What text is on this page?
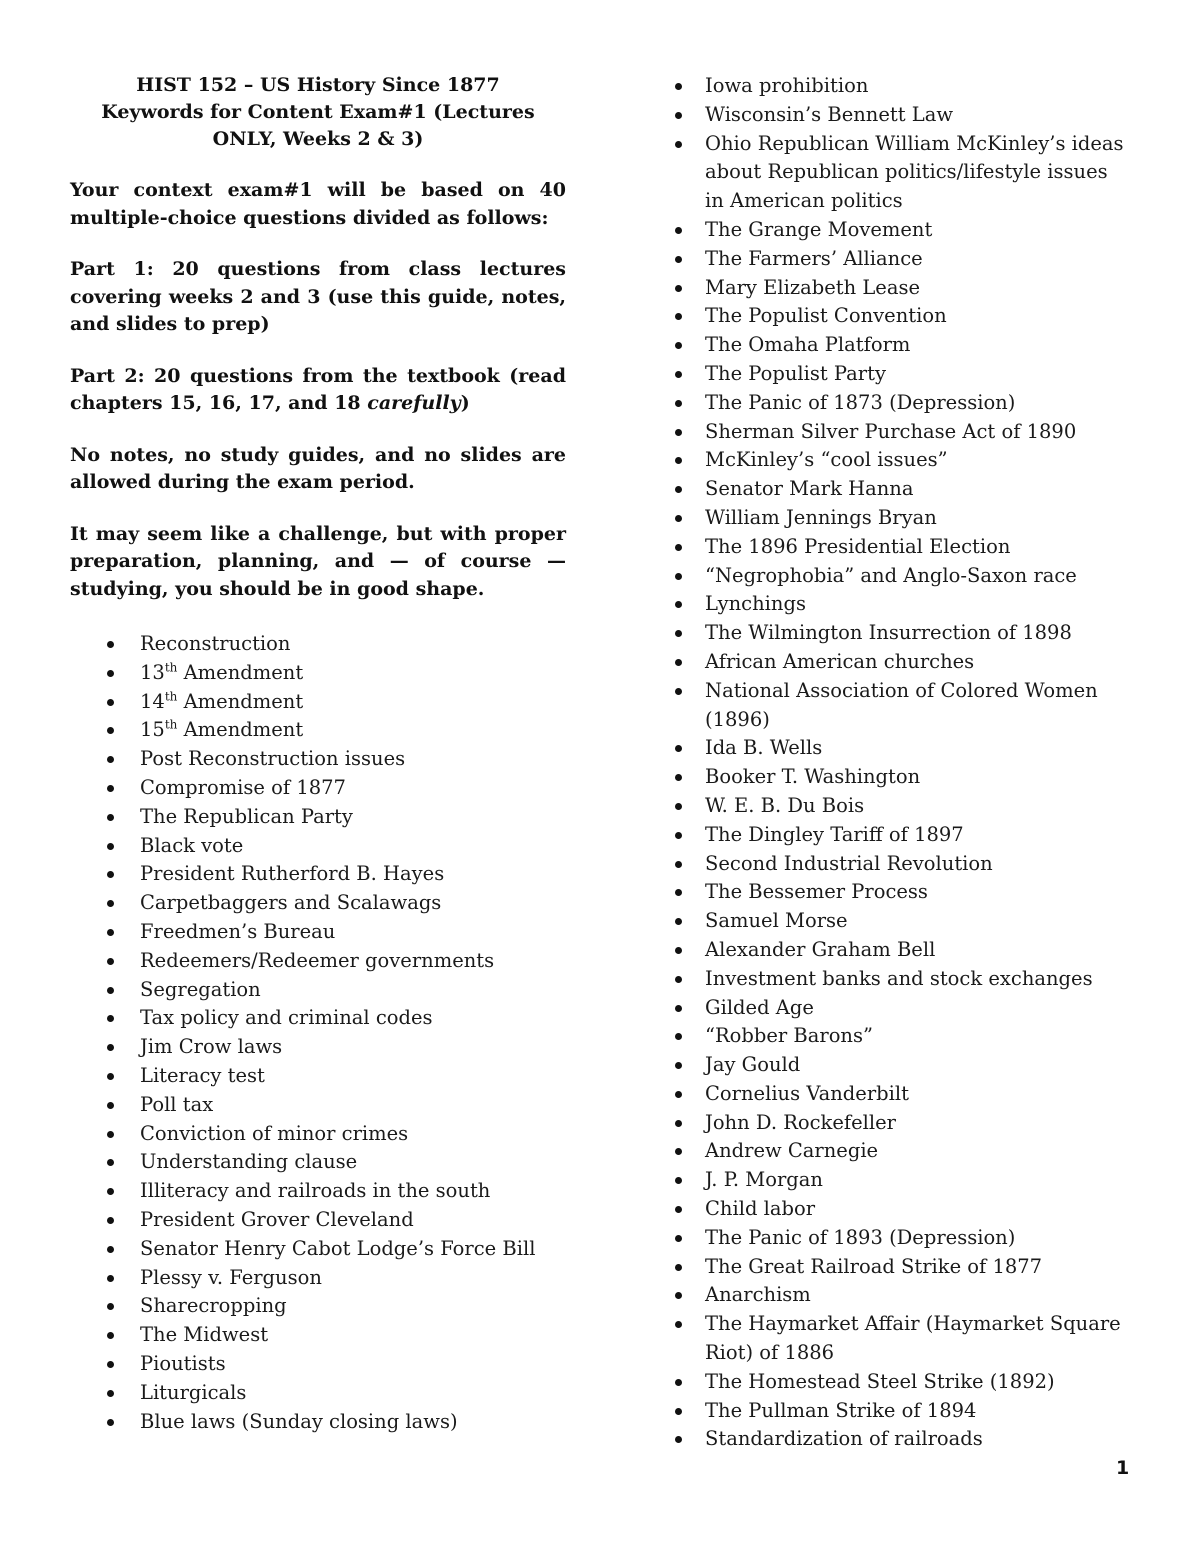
HIST 152 – US History Since 1877
Keywords for Content Exam#1 (Lectures ONLY, Weeks 2 & 3)

Your context exam#1 will be based on 40 multiple-choice questions divided as follows:

Part 1: 20 questions from class lectures covering weeks 2 and 3 (use this guide, notes, and slides to prep)

Part 2: 20 questions from the textbook (read chapters 15, 16, 17, and 18 carefully)

No notes, no study guides, and no slides are allowed during the exam period.

It may seem like a challenge, but with proper preparation, planning, and — of course — studying, you should be in good shape.

Reconstruction
13th Amendment
14th Amendment
15th Amendment
Post Reconstruction issues
Compromise of 1877
The Republican Party
Black vote
President Rutherford B. Hayes
Carpetbaggers and Scalawags
Freedmen’s Bureau
Redeemers/Redeemer governments
Segregation
Tax policy and criminal codes
Jim Crow laws
Literacy test
Poll tax
Conviction of minor crimes
Understanding clause
Illiteracy and railroads in the south
President Grover Cleveland
Senator Henry Cabot Lodge’s Force Bill
Plessy v. Ferguson
Sharecropping
The Midwest
Pioutists
Liturgicals
Blue laws (Sunday closing laws)
Iowa prohibition
Wisconsin’s Bennett Law
Ohio Republican William McKinley’s ideas about Republican politics/lifestyle issues in American politics
The Grange Movement
The Farmers’ Alliance
Mary Elizabeth Lease
The Populist Convention
The Omaha Platform
The Populist Party
The Panic of 1873 (Depression)
Sherman Silver Purchase Act of 1890
McKinley’s “cool issues”
Senator Mark Hanna
William Jennings Bryan
The 1896 Presidential Election
“Negrophobia” and Anglo-Saxon race
Lynchings
The Wilmington Insurrection of 1898
African American churches
National Association of Colored Women (1896)
Ida B. Wells
Booker T. Washington
W. E. B. Du Bois
The Dingley Tariff of 1897
Second Industrial Revolution
The Bessemer Process
Samuel Morse
Alexander Graham Bell
Investment banks and stock exchanges
Gilded Age
“Robber Barons”
Jay Gould
Cornelius Vanderbilt
John D. Rockefeller
Andrew Carnegie
J. P. Morgan
Child labor
The Panic of 1893 (Depression)
The Great Railroad Strike of 1877
Anarchism
The Haymarket Affair (Haymarket Square Riot) of 1886
The Homestead Steel Strike (1892)
The Pullman Strike of 1894
Standardization of railroads
1
